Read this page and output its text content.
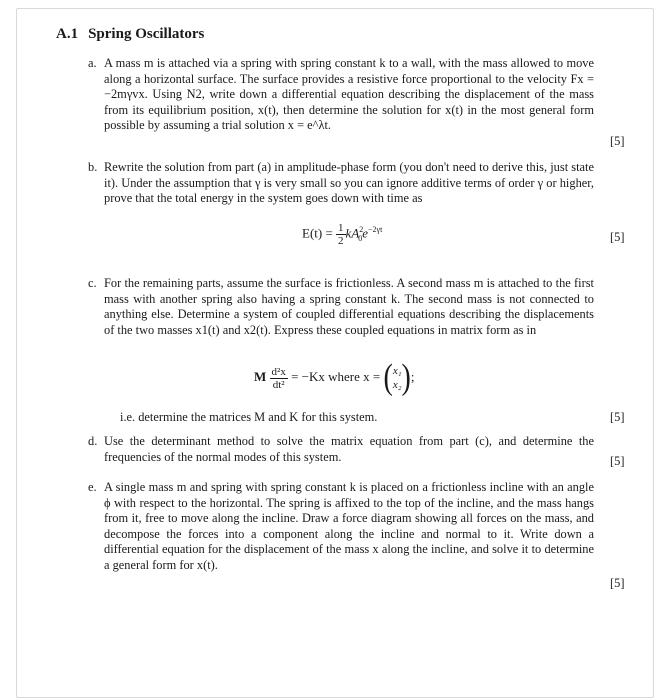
A.1 Spring Oscillators
a. A mass m is attached via a spring with spring constant k to a wall, with the mass allowed to move along a horizontal surface. The surface provides a resistive force proportional to the velocity Fx = −2mγvx. Using N2, write down a differential equation describing the displacement of the mass from its equilibrium position, x(t), then determine the solution for x(t) in the most general form possible by assuming a trial solution x = e^λt.
[5]
b. Rewrite the solution from part (a) in amplitude-phase form (you don't need to derive this, just state it). Under the assumption that γ is very small so you can ignore additive terms of order γ or higher, prove that the total energy in the system goes down with time as
$E(t) = \frac{1}{2} kA^2_0e^{-2\gamma t}$
[5]
c. For the remaining parts, assume the surface is frictionless. A second mass m is attached to the first mass with another spring also having a spring constant k. The second mass is not connected to anything else. Determine a system of coupled differential equations describing the displacements of the two masses x1(t) and x2(t). Express these coupled equations in matrix form as in
M $\frac{\text{d²x}}{\text{dt²}} = -Kx$ where x = (x₁
x₂);
i.e. determine the matrices M and K for this system.	[5]
d. Use the determinant method to solve the matrix equation from part (c), and determine the frequencies of the normal modes of this system.	[5]
e. A single mass m and spring with spring constant k is placed on a frictionless incline with an angle ϕ with respect to the horizontal. The spring is affixed to the top of the incline, and the mass hangs from it, free to move along the incline. Draw a force diagram showing all forces on the mass, and decompose the forces into a component along the incline and normal to it. Write down a differential equation for the displacement of the mass x along the incline, and solve it to determine a general form for x(t).
[5]
